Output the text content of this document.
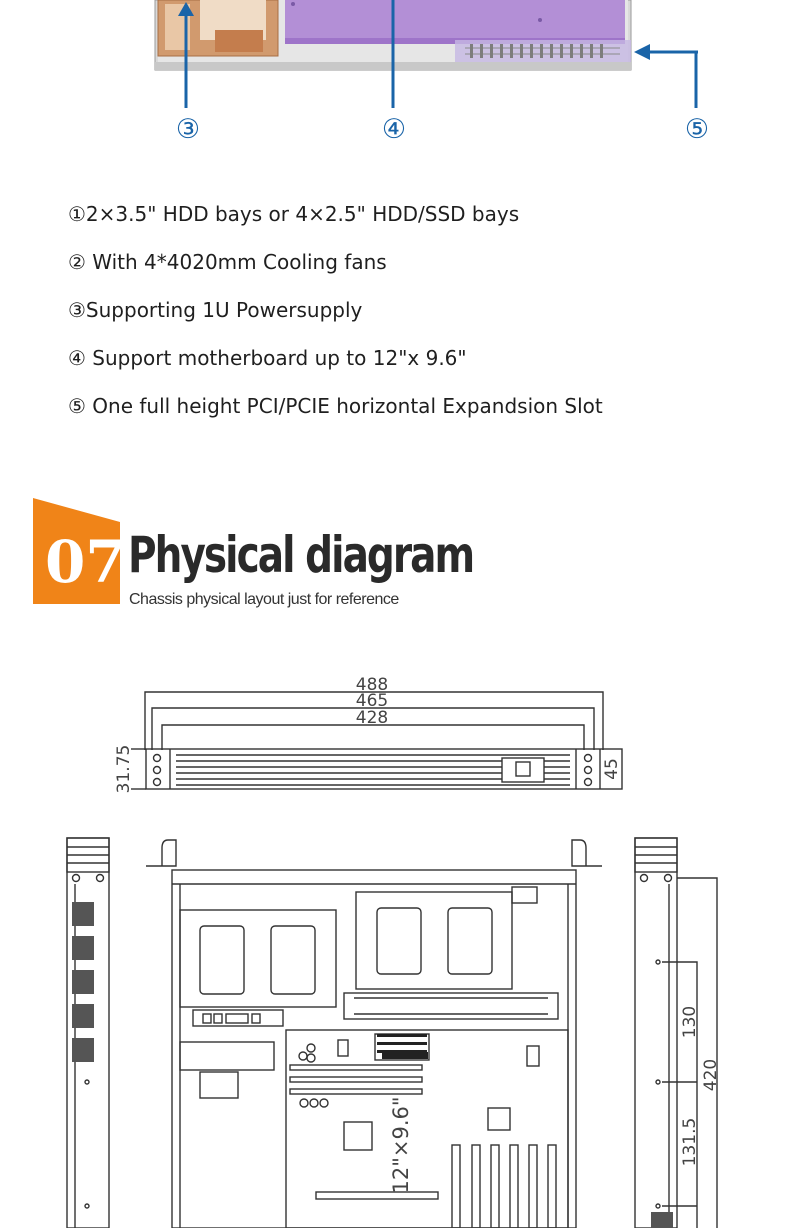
③	④	⑤
①2×3.5" HDD bays or 4×2.5" HDD/SSD bays
② With 4*4020mm Cooling fans
③Supporting 1U Powersupply
④ Support motherboard up to 12"x 9.6"
⑤ One full height PCI/PCIE horizontal Expandsion Slot
07 Physical diagram
Chassis physical layout just for reference
488
465
428
31.75	45
130
131.5
420
12"×9.6"
